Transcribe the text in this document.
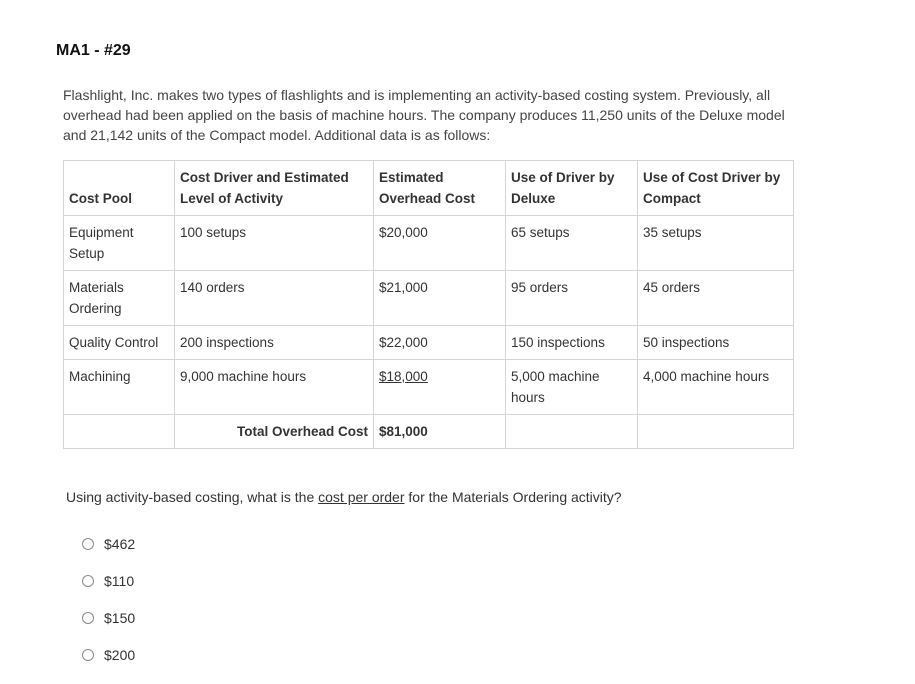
MA1 - #29

Flashlight, Inc. makes two types of flashlights and is implementing an activity-based costing system. Previously, all overhead had been applied on the basis of machine hours. The company produces 11,250 units of the Deluxe model and 21,142 units of the Compact model. Additional data is as follows:

Cost Pool	Cost Driver and Estimated Level of Activity	Estimated Overhead Cost	Use of Driver by Deluxe	Use of Cost Driver by Compact
Equipment Setup	100 setups	$20,000	65 setups	35 setups
Materials Ordering	140 orders	$21,000	95 orders	45 orders
Quality Control	200 inspections	$22,000	150 inspections	50 inspections
Machining	9,000 machine hours	$18,000	5,000 machine hours	4,000 machine hours
	Total Overhead Cost	$81,000		

Using activity-based costing, what is the cost per order for the Materials Ordering activity?

$462
$110
$150
$200
